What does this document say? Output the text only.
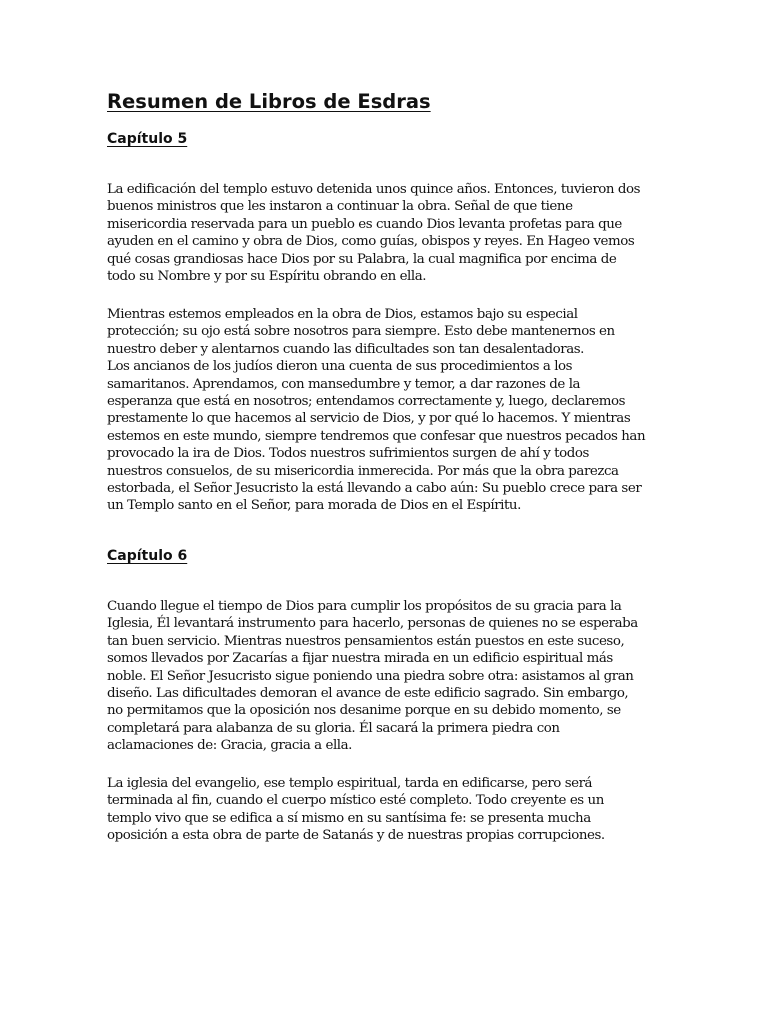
Resumen de Libros de Esdras
Capítulo 5
La edificación del templo estuvo detenida unos quince años. Entonces, tuvieron dos
buenos ministros que les instaron a continuar la obra. Señal de que tiene
misericordia reservada para un pueblo es cuando Dios levanta profetas para que
ayuden en el camino y obra de Dios, como guías, obispos y reyes. En Hageo vemos
qué cosas grandiosas hace Dios por su Palabra, la cual magnifica por encima de
todo su Nombre y por su Espíritu obrando en ella.
Mientras estemos empleados en la obra de Dios, estamos bajo su especial
protección; su ojo está sobre nosotros para siempre. Esto debe mantenernos en
nuestro deber y alentarnos cuando las dificultades son tan desalentadoras.
Los ancianos de los judíos dieron una cuenta de sus procedimientos a los
samaritanos. Aprendamos, con mansedumbre y temor, a dar razones de la
esperanza que está en nosotros; entendamos correctamente y, luego, declaremos
prestamente lo que hacemos al servicio de Dios, y por qué lo hacemos. Y mientras
estemos en este mundo, siempre tendremos que confesar que nuestros pecados han
provocado la ira de Dios. Todos nuestros sufrimientos surgen de ahí y todos
nuestros consuelos, de su misericordia inmerecida. Por más que la obra parezca
estorbada, el Señor Jesucristo la está llevando a cabo aún: Su pueblo crece para ser
un Templo santo en el Señor, para morada de Dios en el Espíritu.
Capítulo 6
Cuando llegue el tiempo de Dios para cumplir los propósitos de su gracia para la
Iglesia, Él levantará instrumento para hacerlo, personas de quienes no se esperaba
tan buen servicio. Mientras nuestros pensamientos están puestos en este suceso,
somos llevados por Zacarías a fijar nuestra mirada en un edificio espiritual más
noble. El Señor Jesucristo sigue poniendo una piedra sobre otra: asistamos al gran
diseño. Las dificultades demoran el avance de este edificio sagrado. Sin embargo,
no permitamos que la oposición nos desanime porque en su debido momento, se
completará para alabanza de su gloria. Él sacará la primera piedra con
aclamaciones de: Gracia, gracia a ella.
La iglesia del evangelio, ese templo espiritual, tarda en edificarse, pero será
terminada al fin, cuando el cuerpo místico esté completo. Todo creyente es un
templo vivo que se edifica a sí mismo en su santísima fe: se presenta mucha
oposición a esta obra de parte de Satanás y de nuestras propias corrupciones.
